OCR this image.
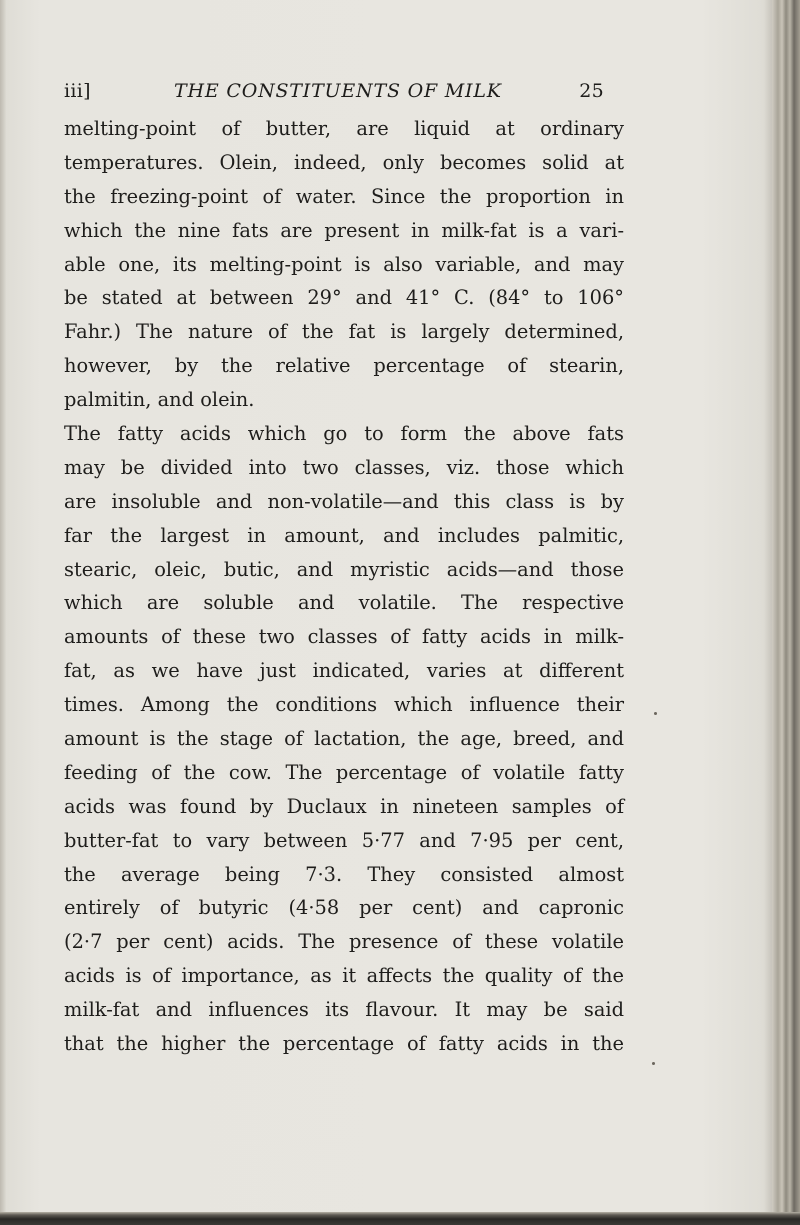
iii]	THE CONSTITUENTS OF MILK	25
melting-point of butter, are liquid at ordinary
temperatures. Olein, indeed, only becomes solid at
the freezing-point of water. Since the proportion in
which the nine fats are present in milk-fat is a vari-
able one, its melting-point is also variable, and may
be stated at between 29° and 41° C. (84° to 106°
Fahr.) The nature of the fat is largely determined,
however, by the relative percentage of stearin,
palmitin, and olein.
The fatty acids which go to form the above fats
may be divided into two classes, viz. those which
are insoluble and non-volatile—and this class is by
far the largest in amount, and includes palmitic,
stearic, oleic, butic, and myristic acids—and those
which are soluble and volatile. The respective
amounts of these two classes of fatty acids in milk-
fat, as we have just indicated, varies at different
times. Among the conditions which influence their
amount is the stage of lactation, the age, breed, and
feeding of the cow. The percentage of volatile fatty
acids was found by Duclaux in nineteen samples of
butter-fat to vary between 5·77 and 7·95 per cent,
the average being 7·3. They consisted almost
entirely of butyric (4·58 per cent) and capronic
(2·7 per cent) acids. The presence of these volatile
acids is of importance, as it affects the quality of the
milk-fat and influences its flavour. It may be said
that the higher the percentage of fatty acids in the
